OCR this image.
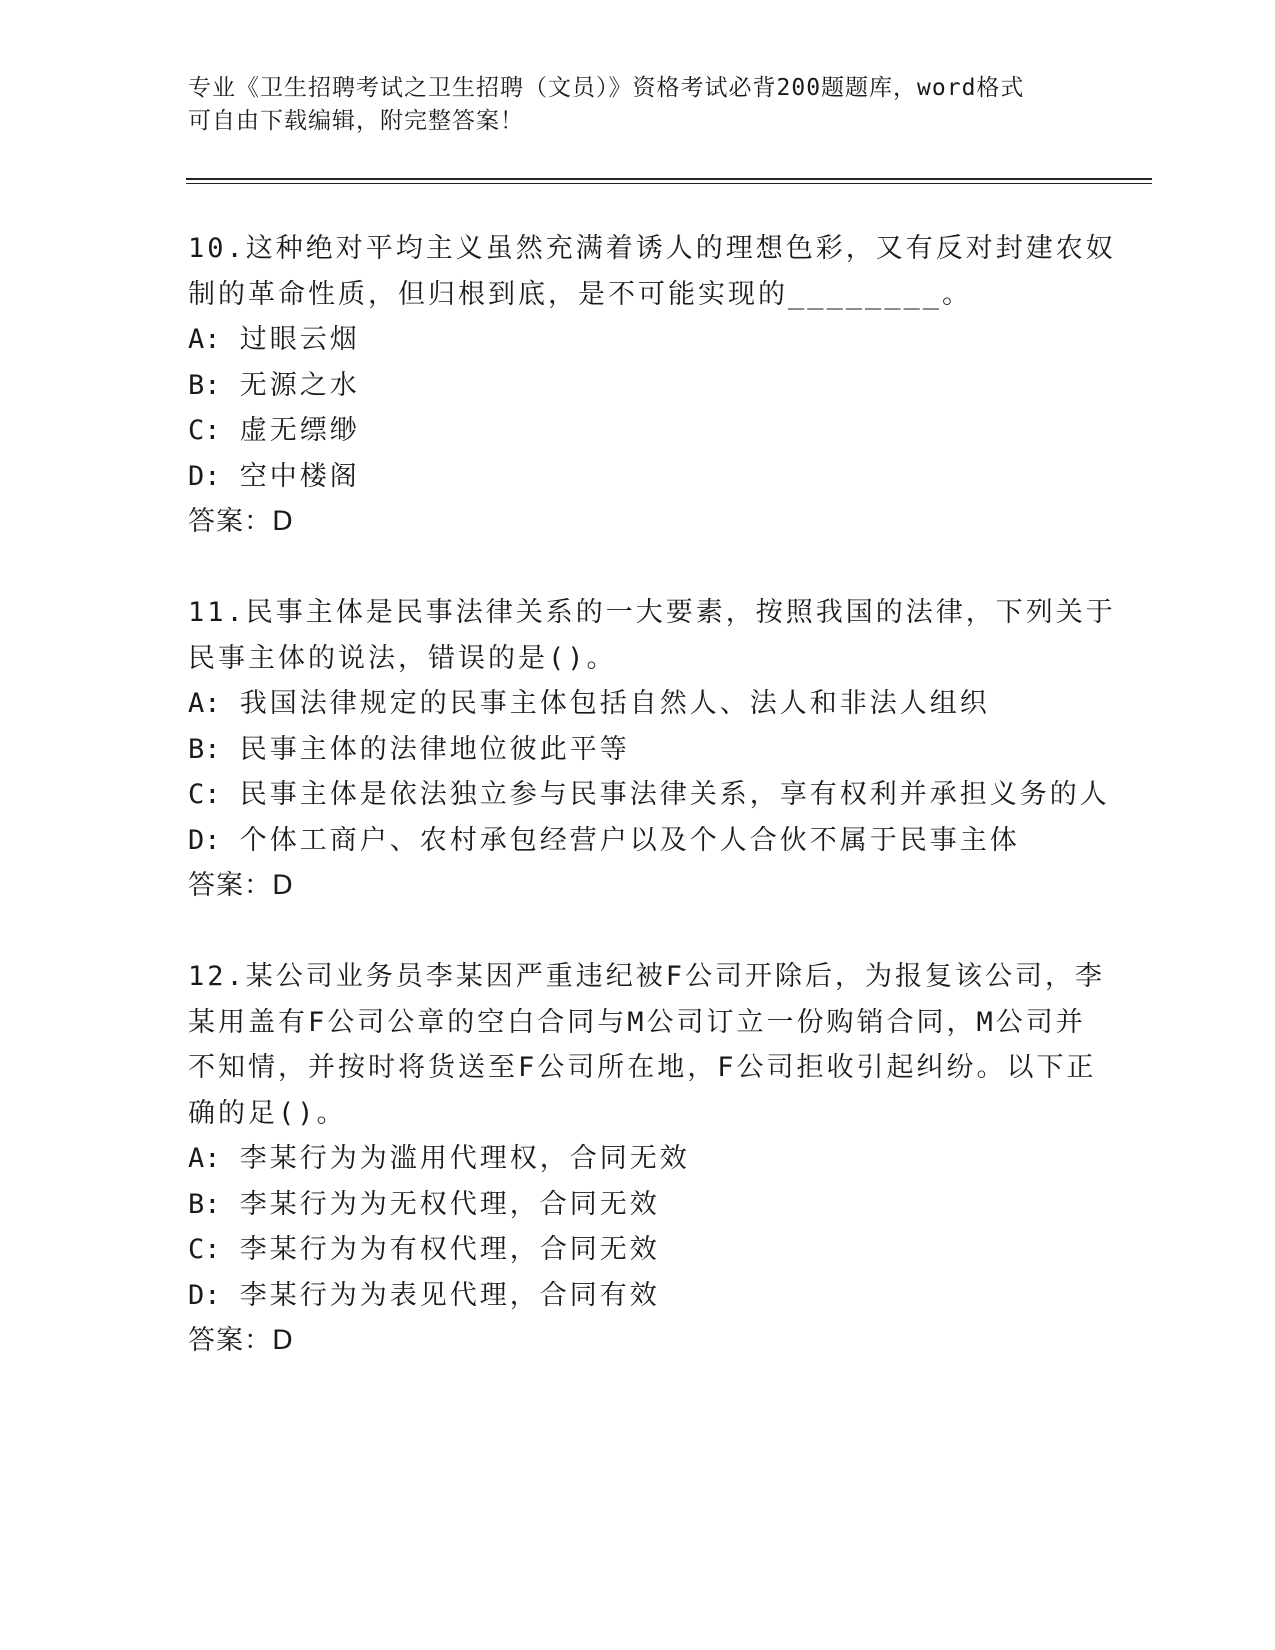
专业《卫生招聘考试之卫生招聘（文员）》资格考试必背200题题库，word格式
可自由下载编辑，附完整答案！
10.这种绝对平均主义虽然充满着诱人的理想色彩，又有反对封建农奴
制的革命性质，但归根到底，是不可能实现的________。
A: 过眼云烟
B: 无源之水
C: 虚无缥缈
D: 空中楼阁
答案：D
11.民事主体是民事法律关系的一大要素，按照我国的法律，下列关于
民事主体的说法，错误的是()。
A: 我国法律规定的民事主体包括自然人、法人和非法人组织
B: 民事主体的法律地位彼此平等
C: 民事主体是依法独立参与民事法律关系，享有权利并承担义务的人
D: 个体工商户、农村承包经营户以及个人合伙不属于民事主体
答案：D
12.某公司业务员李某因严重违纪被F公司开除后，为报复该公司，李
某用盖有F公司公章的空白合同与M公司订立一份购销合同，M公司并
不知情，并按时将货送至F公司所在地，F公司拒收引起纠纷。以下正
确的足()。
A: 李某行为为滥用代理权，合同无效
B: 李某行为为无权代理，合同无效
C: 李某行为为有权代理，合同无效
D: 李某行为为表见代理，合同有效
答案：D
